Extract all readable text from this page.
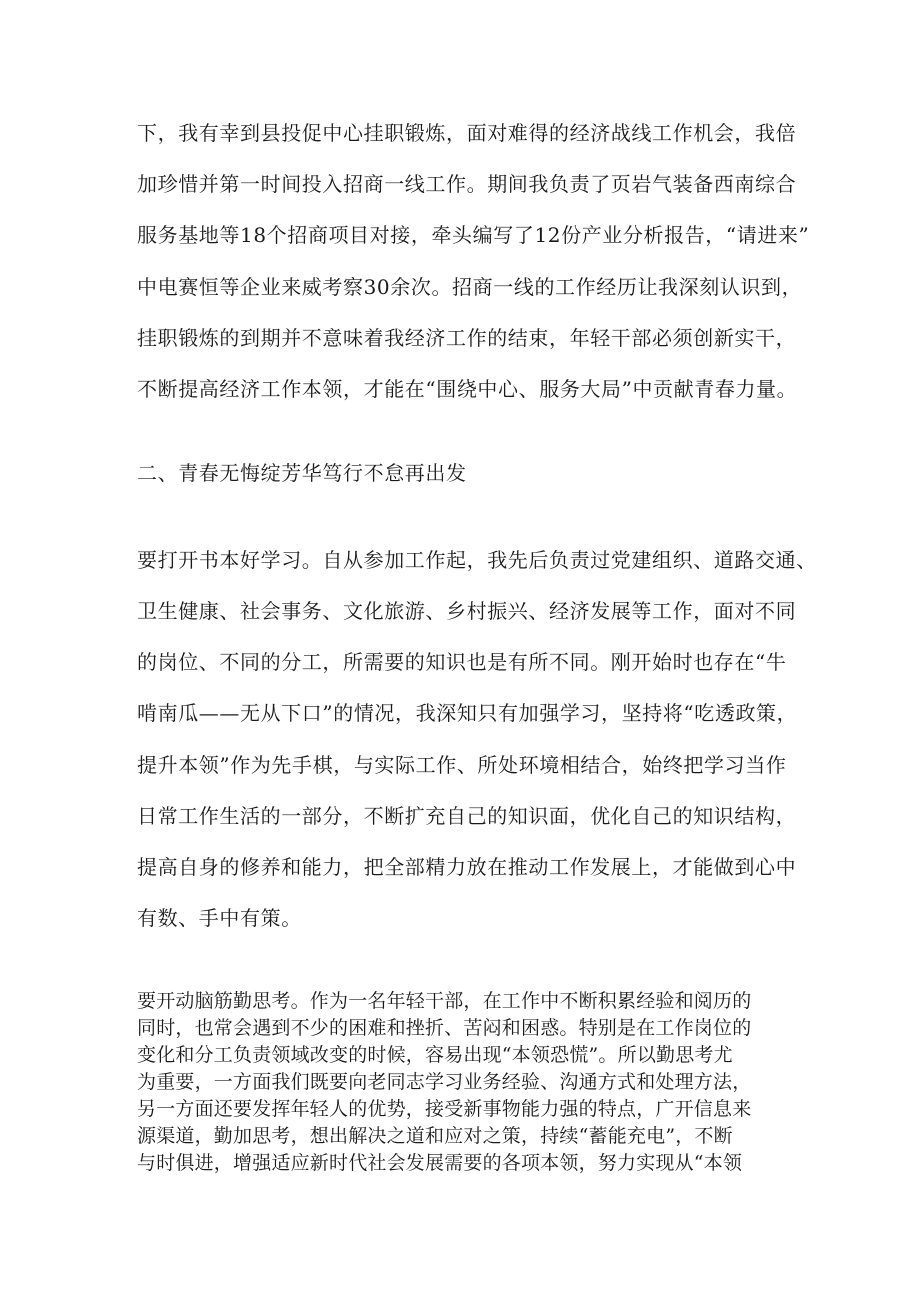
下，我有幸到县投促中心挂职锻炼，面对难得的经济战线工作机会，我倍
加珍惜并第一时间投入招商一线工作。期间我负责了页岩气装备西南综合
服务基地等18个招商项目对接，牵头编写了12份产业分析报告，“请进来”
中电赛恒等企业来威考察30余次。招商一线的工作经历让我深刻认识到，
挂职锻炼的到期并不意味着我经济工作的结束，年轻干部必须创新实干，
不断提高经济工作本领，才能在“围绕中心、服务大局”中贡献青春力量。
二、青春无悔绽芳华笃行不怠再出发
要打开书本好学习。自从参加工作起，我先后负责过党建组织、道路交通、
卫生健康、社会事务、文化旅游、乡村振兴、经济发展等工作，面对不同
的岗位、不同的分工，所需要的知识也是有所不同。刚开始时也存在“牛
啃南瓜——无从下口”的情况，我深知只有加强学习，坚持将“吃透政策，
提升本领”作为先手棋，与实际工作、所处环境相结合，始终把学习当作
日常工作生活的一部分，不断扩充自己的知识面，优化自己的知识结构，
提高自身的修养和能力，把全部精力放在推动工作发展上，才能做到心中
有数、手中有策。
要开动脑筋勤思考。作为一名年轻干部，在工作中不断积累经验和阅历的
同时，也常会遇到不少的困难和挫折、苦闷和困惑。特别是在工作岗位的
变化和分工负责领域改变的时候，容易出现“本领恐慌”。所以勤思考尤
为重要，一方面我们既要向老同志学习业务经验、沟通方式和处理方法，
另一方面还要发挥年轻人的优势，接受新事物能力强的特点，广开信息来
源渠道，勤加思考，想出解决之道和应对之策，持续“蓄能充电”，不断
与时俱进，增强适应新时代社会发展需要的各项本领，努力实现从“本领
